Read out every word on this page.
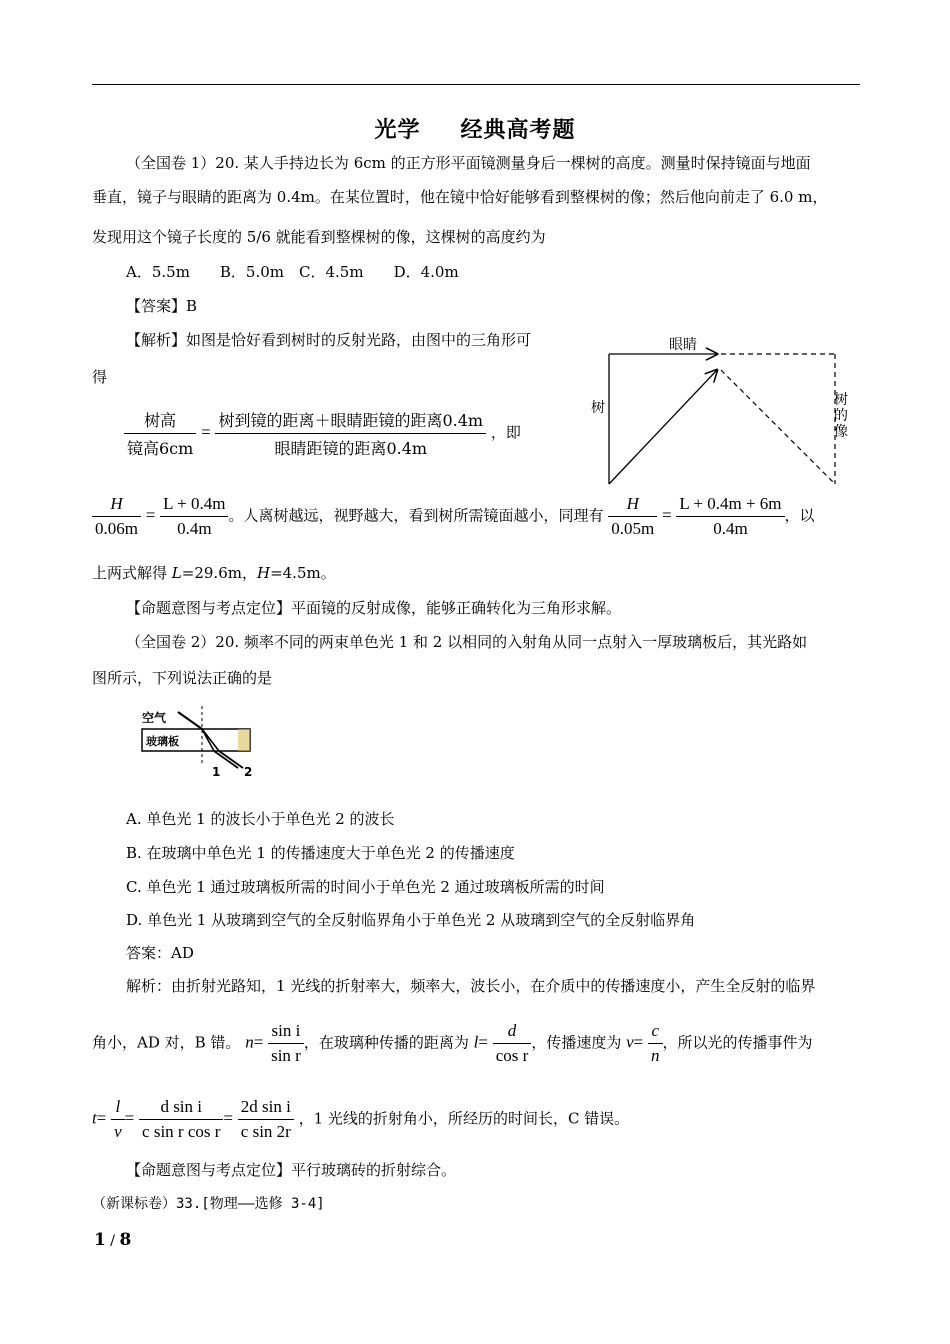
光学 经典高考题
（全国卷 1）20. 某人手持边长为 6cm 的正方形平面镜测量身后一棵树的高度。测量时保持镜面与地面
垂直，镜子与眼睛的距离为 0.4m。在某位置时，他在镜中恰好能够看到整棵树的像；然后他向前走了 6.0 m，
发现用这个镜子长度的 5/6 就能看到整棵树的像，这棵树的高度约为
A．5.5m　　B．5.0m　C．4.5m　　D．4.0m
【答案】B
【解析】如图是恰好看到树时的反射光路，由图中的三角形可
得
树高
镜高6cm
=
树到镜的距离＋眼睛距镜的距离0.4m
眼睛距镜的距离0.4m
，即
眼睛
树	树
的
像
$\frac{H}{0.06m} = \frac{L + 0.4m}{0.4m}$ 。人离树越远，视野越大，看到树所需镜面越小，同理有 $\frac{H}{0.05m} = \frac{L + 0.4m + 6m}{0.4m}$ ，以
上两式解得 L=29.6m，H=4.5m。
【命题意图与考点定位】平面镜的反射成像，能够正确转化为三角形求解。
（全国卷 2）20. 频率不同的两束单色光 1 和 2 以相同的入射角从同一点射入一厚玻璃板后，其光路如
图所示，下列说法正确的是
空气
玻璃板
1 2
A. 单色光 1 的波长小于单色光 2 的波长
B. 在玻璃中单色光 1 的传播速度大于单色光 2 的传播速度
C. 单色光 1 通过玻璃板所需的时间小于单色光 2 通过玻璃板所需的时间
D. 单色光 1 从玻璃到空气的全反射临界角小于单色光 2 从玻璃到空气的全反射临界角
答案：AD
解析：由折射光路知，1 光线的折射率大，频率大，波长小，在介质中的传播速度小，产生全反射的临界
角小，AD 对，B 错。 $n= \frac{\text{sin i}}{\text{sin r}}$ ，在玻璃种传播的距离为 $l= \frac{d}{\text{cos r}}$ ，传播速度为 $v= \frac{c}{n}$ ，所以光的传播事件为
$t= \frac{l}{v} = \frac{\text{d sin i}}{\text{c sin r cos r}} = \frac{\text{2d sin i}}{\text{c sin 2r}}$ ，1 光线的折射角小，所经历的时间长，C 错误。
【命题意图与考点定位】平行玻璃砖的折射综合。
（新课标卷）33.[物理——选修 3-4]
1 / 8
